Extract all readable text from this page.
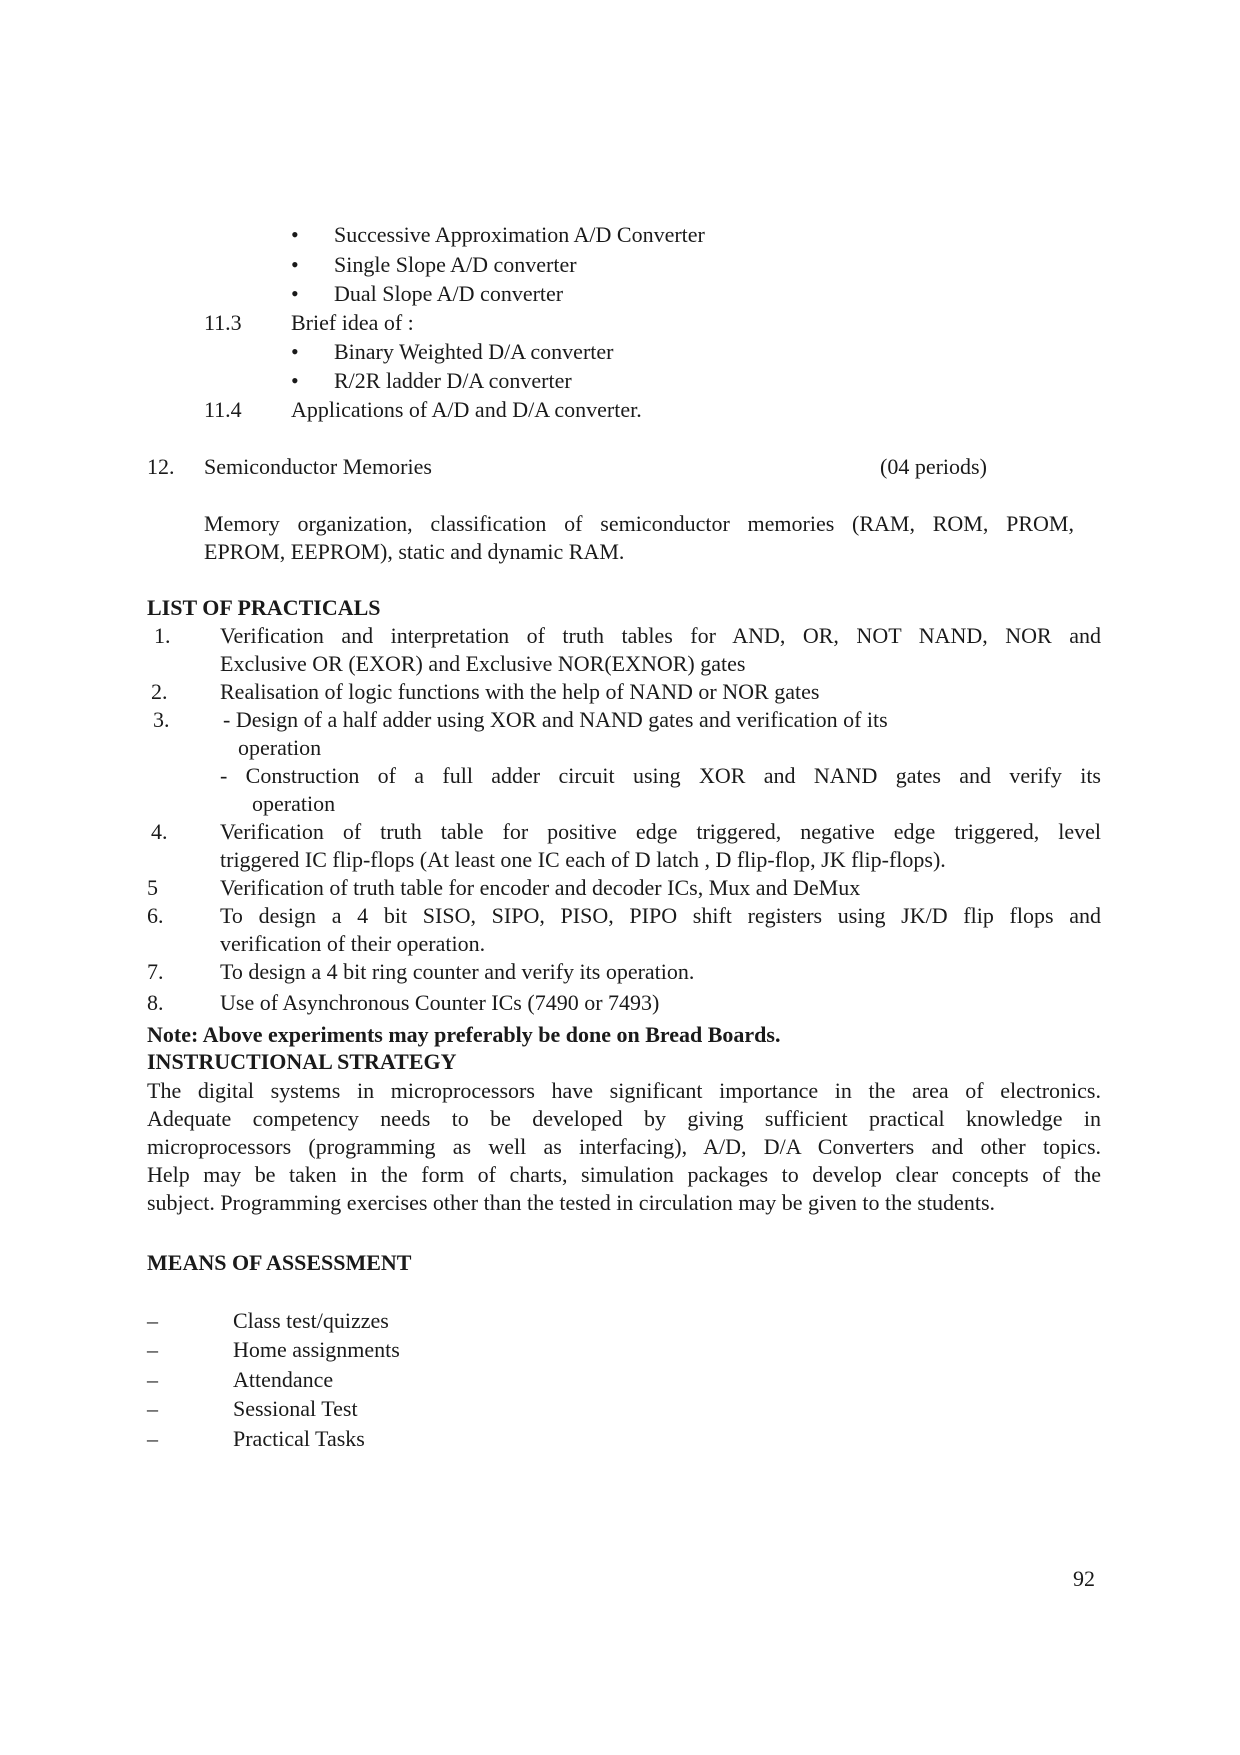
• Successive Approximation A/D Converter
• Single Slope A/D converter
• Dual Slope A/D converter
11.3 Brief idea of :
• Binary Weighted D/A converter
• R/2R ladder D/A converter
11.4 Applications of A/D and D/A converter.
12. Semiconductor Memories	(04 periods)
Memory organization, classification of semiconductor memories (RAM, ROM, PROM,
EPROM, EEPROM), static and dynamic RAM.
LIST OF PRACTICALS
1. Verification and interpretation of truth tables for AND, OR, NOT NAND, NOR and
Exclusive OR (EXOR) and Exclusive NOR(EXNOR) gates
2. Realisation of logic functions with the help of NAND or NOR gates
3. - Design of a half adder using XOR and NAND gates and verification of its
operation
- Construction of a full adder circuit using XOR and NAND gates and verify its
operation
4. Verification of truth table for positive edge triggered, negative edge triggered, level
triggered IC flip-flops (At least one IC each of D latch , D flip-flop, JK flip-flops).
5	Verification of truth table for encoder and decoder ICs, Mux and DeMux
6.	To design a 4 bit SISO, SIPO, PISO, PIPO shift registers using JK/D flip flops and
verification of their operation.
7.	To design a 4 bit ring counter and verify its operation.
8.	Use of Asynchronous Counter ICs (7490 or 7493)
Note: Above experiments may preferably be done on Bread Boards.
INSTRUCTIONAL STRATEGY
The digital systems in microprocessors have significant importance in the area of electronics.
Adequate competency needs to be developed by giving sufficient practical knowledge in
microprocessors (programming as well as interfacing), A/D, D/A Converters and other topics.
Help may be taken in the form of charts, simulation packages to develop clear concepts of the
subject. Programming exercises other than the tested in circulation may be given to the students.
MEANS OF ASSESSMENT
–	Class test/quizzes
–	Home assignments
–	Attendance
–	Sessional Test
–	Practical Tasks
92
